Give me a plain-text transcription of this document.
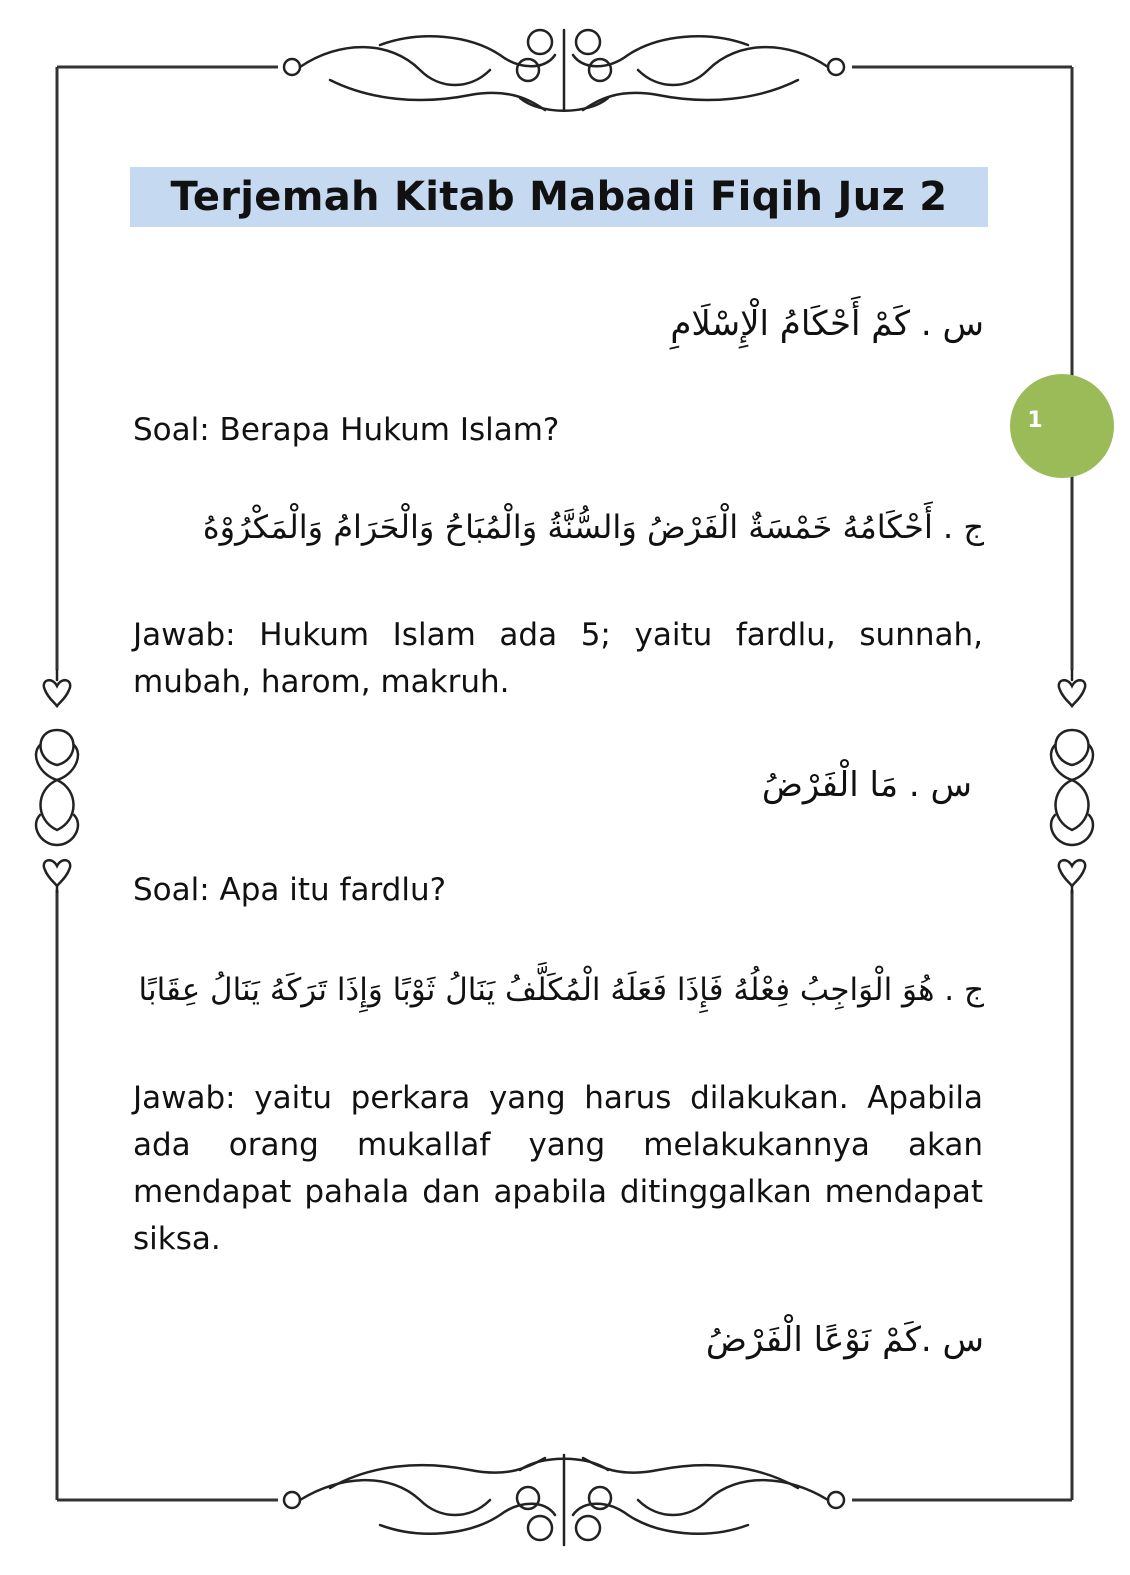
Terjemah Kitab Mabadi Fiqih Juz 2
1
س . كَمْ أَحْكَامُ الْإِسْلَامِ
Soal: Berapa Hukum Islam?
ج . أَحْكَامُهُ خَمْسَةٌ الْفَرْضُ وَالسُّنَّةُ وَالْمُبَاحُ وَالْحَرَامُ وَالْمَكْرُوْهُ
Jawab: Hukum Islam ada 5; yaitu fardlu, sunnah, mubah, harom, makruh.
س . مَا الْفَرْضُ
Soal: Apa itu fardlu?
ج . هُوَ الْوَاجِبُ فِعْلُهُ فَإِذَا فَعَلَهُ الْمُكَلَّفُ يَنَالُ ثَوْبًا وَإِذَا تَرَكَهُ يَنَالُ عِقَابًا
Jawab: yaitu perkara yang harus dilakukan. Apabila ada orang mukallaf yang melakukannya akan mendapat pahala dan apabila ditinggalkan mendapat siksa.
س .كَمْ نَوْعًا الْفَرْضُ
